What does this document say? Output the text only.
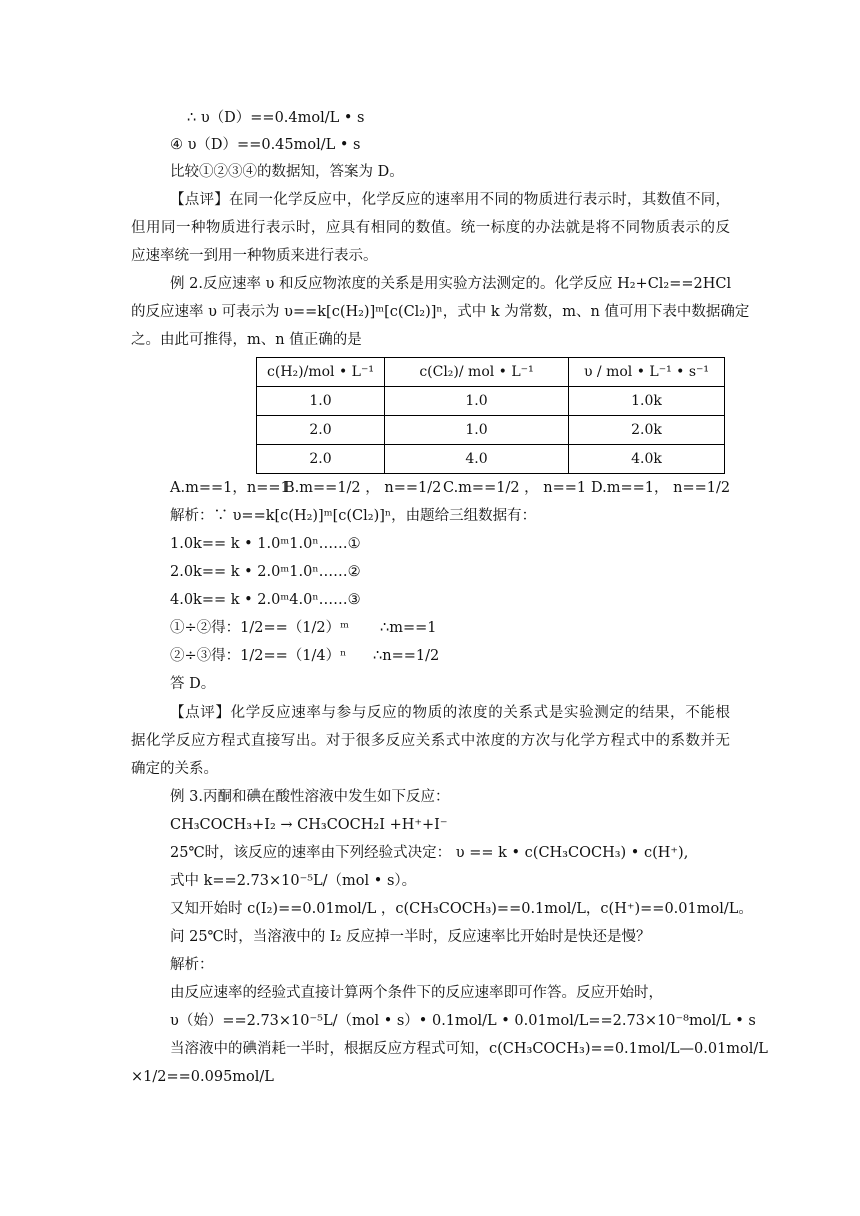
∴ υ（D）==0.4mol/L • s
④ υ（D）==0.45mol/L • s
比较①②③④的数据知，答案为 D。
【点评】在同一化学反应中，化学反应的速率用不同的物质进行表示时，其数值不同，
但用同一种物质进行表示时，应具有相同的数值。统一标度的办法就是将不同物质表示的反
应速率统一到用一种物质来进行表示。
例 2.反应速率 υ 和反应物浓度的关系是用实验方法测定的。化学反应 H₂+Cl₂==2HCl
的反应速率 υ 可表示为 υ==k[c(H₂)]ᵐ[c(Cl₂)]ⁿ，式中 k 为常数，m、n 值可用下表中数据确定
之。由此可推得，m、n 值正确的是
c(H₂)/mol • L⁻¹	c(Cl₂)/ mol • L⁻¹	υ / mol • L⁻¹ • s⁻¹
1.0	1.0	1.0k
2.0	1.0	2.0k
2.0	4.0	4.0k
A.m==1，n==1
B.m==1/2 ， n==1/2 C.m==1/2 ， n==1 D.m==1， n==1/2
解析：∵ υ==k[c(H₂)]ᵐ[c(Cl₂)]ⁿ，由题给三组数据有：
1.0k== k • 1.0ᵐ1.0ⁿ……①
2.0k== k • 2.0ᵐ1.0ⁿ……②
4.0k== k • 2.0ᵐ4.0ⁿ……③
①÷②得：1/2==（1/2）ᵐ ∴m==1
②÷③得：1/2==（1/4）ⁿ ∴n==1/2
答 D。
【点评】化学反应速率与参与反应的物质的浓度的关系式是实验测定的结果，不能根
据化学反应方程式直接写出。对于很多反应关系式中浓度的方次与化学方程式中的系数并无
确定的关系。
例 3.丙酮和碘在酸性溶液中发生如下反应：
CH₃COCH₃+I₂ → CH₃COCH₂I +H⁺+I⁻
25℃时，该反应的速率由下列经验式决定： υ == k • c(CH₃COCH₃) • c(H⁺),
式中 k==2.73×10⁻⁵L/（mol • s）。
又知开始时 c(I₂)==0.01mol/L ，c(CH₃COCH₃)==0.1mol/L，c(H⁺)==0.01mol/L。
问 25℃时，当溶液中的 I₂ 反应掉一半时，反应速率比开始时是快还是慢？
解析：
由反应速率的经验式直接计算两个条件下的反应速率即可作答。反应开始时，
υ（始）==2.73×10⁻⁵L/（mol • s）• 0.1mol/L • 0.01mol/L==2.73×10⁻⁸mol/L • s
当溶液中的碘消耗一半时，根据反应方程式可知，c(CH₃COCH₃)==0.1mol/L—0.01mol/L
×1/2==0.095mol/L
